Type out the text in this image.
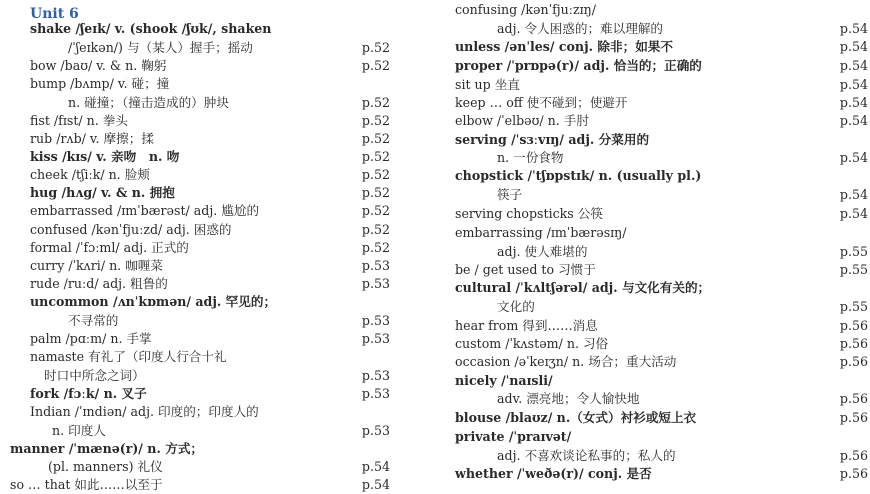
Unit 6
shake /ʃeɪk/ v. (shook /ʃʊk/, shaken
/ˈʃeɪkən/) 与（某人）握手；摇动	p.52
bow /baʊ/ v. & n. 鞠躬	p.52
bump /bʌmp/ v. 碰；撞
n. 碰撞；（撞击造成的）肿块	p.52
fist /fɪst/ n. 拳头	p.52
rub /rʌb/ v. 摩擦；揉	p.52
kiss /kɪs/ v. 亲吻　n. 吻	p.52
cheek /tʃiːk/ n. 脸颊	p.52
hug /hʌg/ v. & n. 拥抱	p.52
embarrassed /ɪmˈbærəst/ adj. 尴尬的	p.52
confused /kənˈfjuːzd/ adj. 困惑的	p.52
formal /ˈfɔːml/ adj. 正式的	p.52
curry /ˈkʌri/ n. 咖喱菜	p.53
rude /ruːd/ adj. 粗鲁的	p.53
uncommon /ʌnˈkɒmən/ adj. 罕见的；
不寻常的	p.53
palm /pɑːm/ n. 手掌	p.53
namaste 有礼了（印度人行合十礼
时口中所念之词）	p.53
fork /fɔːk/ n. 叉子	p.53
Indian /ˈɪndiən/ adj. 印度的；印度人的
n. 印度人	p.53
manner /ˈmænə(r)/ n. 方式；
(pl. manners) 礼仪	p.54
so … that 如此……以至于	p.54
confusing /kənˈfjuːzɪŋ/
adj. 令人困惑的；难以理解的	p.54
unless /ənˈles/ conj. 除非；如果不	p.54
proper /ˈprɒpə(r)/ adj. 恰当的；正确的	p.54
sit up 坐直	p.54
keep … off 使不碰到；使避开	p.54
elbow /ˈelbəʊ/ n. 手肘	p.54
serving /ˈsɜːvɪŋ/ adj. 分菜用的
n. 一份食物	p.54
chopstick /ˈtʃɒpstɪk/ n. (usually pl.)
筷子	p.54
serving chopsticks 公筷	p.54
embarrassing /ɪmˈbærəsɪŋ/
adj. 使人难堪的	p.55
be / get used to 习惯于	p.55
cultural /ˈkʌltʃərəl/ adj. 与文化有关的；
文化的	p.55
hear from 得到……消息	p.56
custom /ˈkʌstəm/ n. 习俗	p.56
occasion /əˈkeɪʒn/ n. 场合；重大活动	p.56
nicely /ˈnaɪsli/
adv. 漂亮地；令人愉快地	p.56
blouse /blaʊz/ n.（女式）衬衫或短上衣	p.56
private /ˈpraɪvət/
adj. 不喜欢谈论私事的；私人的	p.56
whether /ˈweðə(r)/ conj. 是否	p.56
